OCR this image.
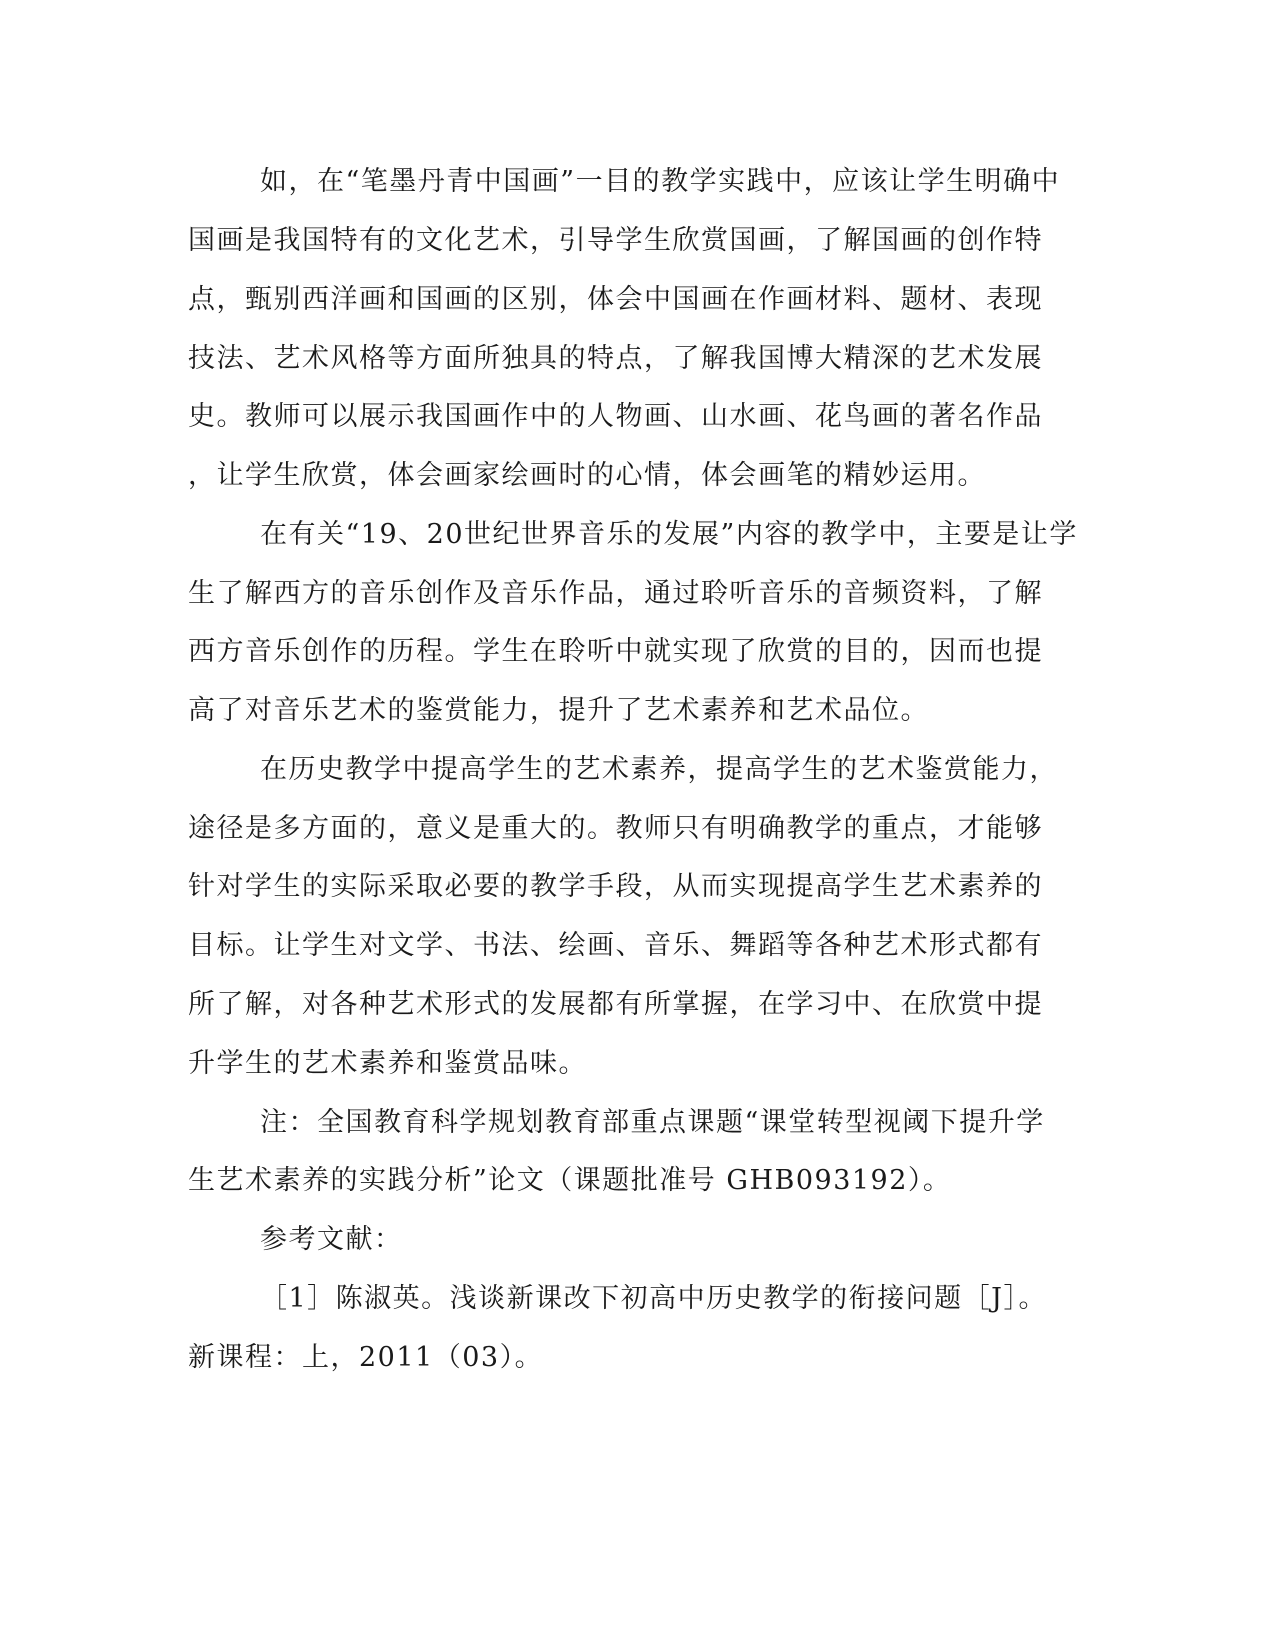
如，在“笔墨丹青中国画”一目的教学实践中，应该让学生明确中
国画是我国特有的文化艺术，引导学生欣赏国画，了解国画的创作特
点，甄别西洋画和国画的区别，体会中国画在作画材料、题材、表现
技法、艺术风格等方面所独具的特点，了解我国博大精深的艺术发展
史。教师可以展示我国画作中的人物画、山水画、花鸟画的著名作品
，让学生欣赏，体会画家绘画时的心情，体会画笔的精妙运用。
在有关“19、20世纪世界音乐的发展”内容的教学中，主要是让学
生了解西方的音乐创作及音乐作品，通过聆听音乐的音频资料，了解
西方音乐创作的历程。学生在聆听中就实现了欣赏的目的，因而也提
高了对音乐艺术的鉴赏能力，提升了艺术素养和艺术品位。
在历史教学中提高学生的艺术素养，提高学生的艺术鉴赏能力，
途径是多方面的，意义是重大的。教师只有明确教学的重点，才能够
针对学生的实际采取必要的教学手段，从而实现提高学生艺术素养的
目标。让学生对文学、书法、绘画、音乐、舞蹈等各种艺术形式都有
所了解，对各种艺术形式的发展都有所掌握，在学习中、在欣赏中提
升学生的艺术素养和鉴赏品味。
注：全国教育科学规划教育部重点课题“课堂转型视阈下提升学
生艺术素养的实践分析”论文（课题批准号 GHB093192）。
参考文献：
［1］陈淑英。浅谈新课改下初高中历史教学的衔接问题［J］。
新课程：上，2011（03）。
